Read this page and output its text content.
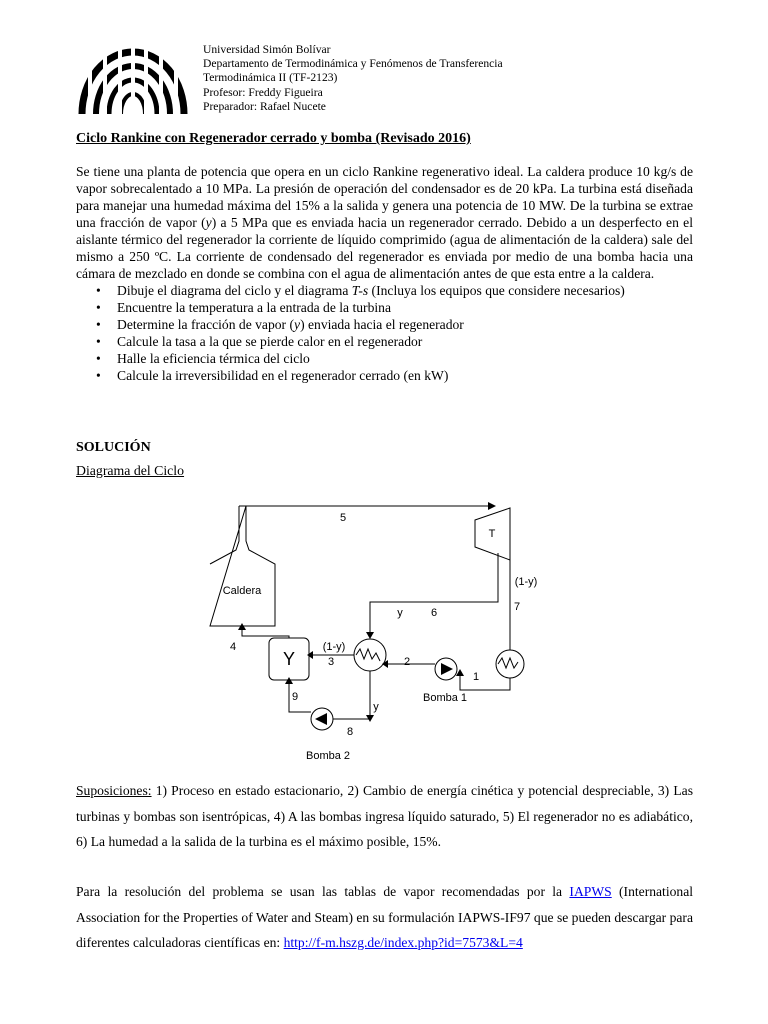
Universidad Simón Bolívar
Departamento de Termodinámica y Fenómenos de Transferencia
Termodinámica II (TF-2123)
Profesor: Freddy Figueira
Preparador: Rafael Nucete
Ciclo Rankine con Regenerador cerrado y bomba (Revisado 2016)

Se tiene una planta de potencia que opera en un ciclo Rankine regenerativo ideal. La caldera produce 10 kg/s de vapor sobrecalentado a 10 MPa. La presión de operación del condensador es de 20 kPa. La turbina está diseñada para manejar una humedad máxima del 15% a la salida y genera una potencia de 10 MW. De la turbina se extrae una fracción de vapor (y) a 5 MPa que es enviada hacia un regenerador cerrado. Debido a un desperfecto en el aislante térmico del regenerador la corriente de líquido comprimido (agua de alimentación de la caldera) sale del mismo a 250 ºC. La corriente de condensado del regenerador es enviada por medio de una bomba hacia una cámara de mezclado en donde se combina con el agua de alimentación antes de que esta entre a la caldera.

• Dibuje el diagrama del ciclo y el diagrama T-s (Incluya los equipos que considere necesarios)
• Encuentre la temperatura a la entrada de la turbina
• Determine la fracción de vapor (y) enviada hacia el regenerador
• Calcule la tasa a la que se pierde calor en el regenerador
• Halle la eficiencia térmica del ciclo
• Calcule la irreversibilidad en el regenerador cerrado (en kW)
SOLUCIÓN
Diagrama del Ciclo
Caldera
T
Y
Bomba 1
Bomba 2
5
6
y	7
(1-y)
1
2
3
(1-y)
4
y
8
9

Suposiciones: 1) Proceso en estado estacionario, 2) Cambio de energía cinética y potencial despreciable, 3) Las turbinas y bombas son isentrópicas, 4) A las bombas ingresa líquido saturado, 5) El regenerador no es adiabático, 6) La humedad a la salida de la turbina es el máximo posible, 15%.

Para la resolución del problema se usan las tablas de vapor recomendadas por la IAPWS (International Association for the Properties of Water and Steam) en su formulación IAPWS-IF97 que se pueden descargar para diferentes calculadoras científicas en: http://f-m.hszg.de/index.php?id=7573&L=4
